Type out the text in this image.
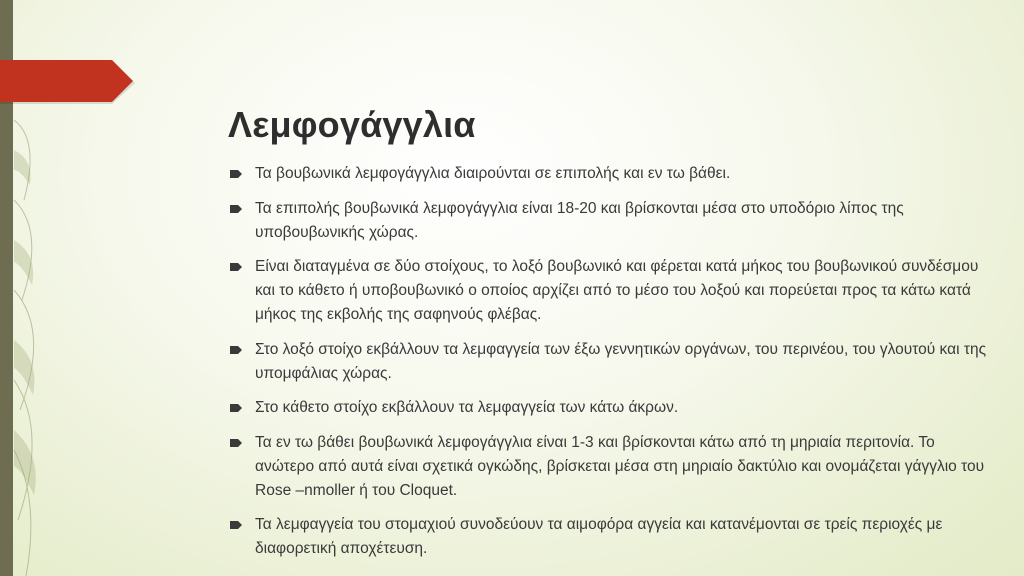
Λεμφογάγγλια
Τα βουβωνικά λεμφογάγγλια διαιρούνται σε επιπολής και εν τω βάθει.
Τα επιπολής βουβωνικά λεμφογάγγλια είναι 18-20 και βρίσκονται μέσα στο υποδόριο λίπος της υποβουβωνικής χώρας.
Είναι διαταγμένα σε δύο στοίχους, το λοξό βουβωνικό και φέρεται κατά μήκος του βουβωνικού συνδέσμου και το κάθετο ή υποβουβωνικό ο οποίος αρχίζει από το μέσο του λοξού και πορεύεται προς τα κάτω κατά μήκος της εκβολής της σαφηνούς φλέβας.
Στο λοξό στοίχο εκβάλλουν τα λεμφαγγεία των έξω γεννητικών οργάνων, του περινέου, του γλουτού και της υπομφάλιας χώρας.
Στο κάθετο στοίχο εκβάλλουν τα λεμφαγγεία των κάτω άκρων.
Τα εν τω βάθει βουβωνικά λεμφογάγγλια είναι 1-3 και βρίσκονται κάτω από τη μηριαία περιτονία. Το ανώτερο από αυτά είναι σχετικά ογκώδης, βρίσκεται μέσα στη μηριαίο δακτύλιο και ονομάζεται γάγγλιο του Rose –nmoller ή του Cloquet.
Τα λεμφαγγεία του στομαχιού συνοδεύουν τα αιμοφόρα αγγεία και κατανέμονται σε τρείς περιοχές με διαφορετική αποχέτευση.
